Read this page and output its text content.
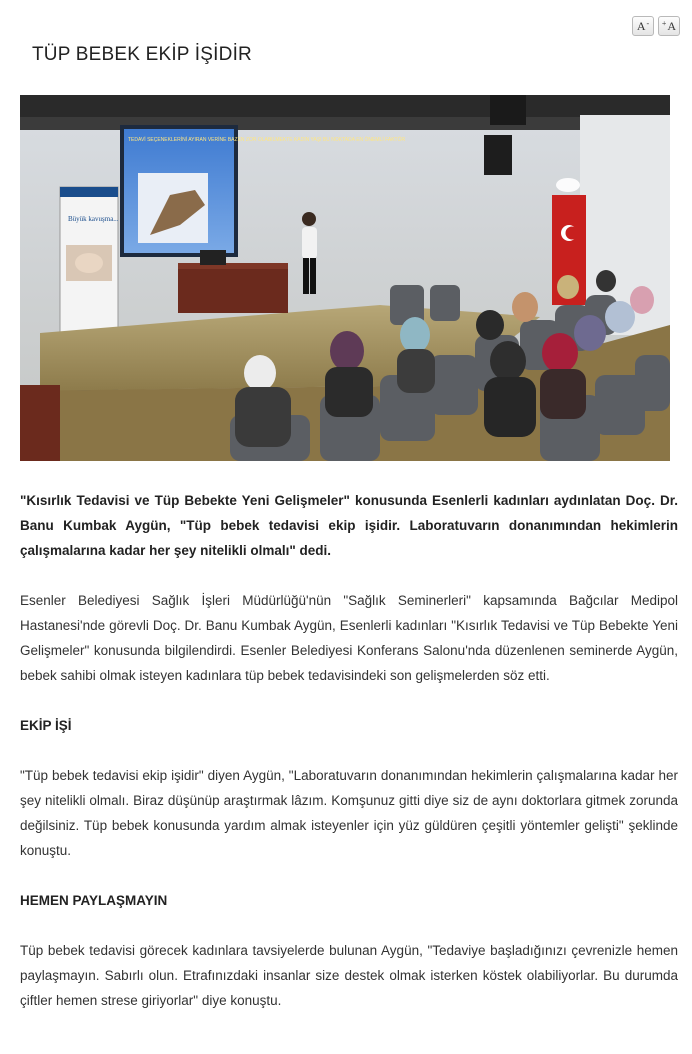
A - + A
TÜP BEBEK EKİP İŞİDİR
TEDAVİ SEÇENEKLERİNİ AYIRAN VERİNE BAZEN ZOR OLABILMEKTE KADIN YAŞI BU NOKTADA EN ÖNEMLİ FAKTÖR
Büyük kavuşma...

"Kısırlık Tedavisi ve Tüp Bebekte Yeni Gelişmeler" konusunda Esenlerli kadınları aydınlatan Doç. Dr. Banu Kumbak Aygün, "Tüp bebek tedavisi ekip işidir. Laboratuvarın donanımından hekimlerin çalışmalarına kadar her şey nitelikli olmalı" dedi.

Esenler Belediyesi Sağlık İşleri Müdürlüğü'nün "Sağlık Seminerleri" kapsamında Bağcılar Medipol Hastanesi'nde görevli Doç. Dr. Banu Kumbak Aygün, Esenlerli kadınları "Kısırlık Tedavisi ve Tüp Bebekte Yeni Gelişmeler" konusunda bilgilendirdi. Esenler Belediyesi Konferans Salonu'nda düzenlenen seminerde Aygün, bebek sahibi olmak isteyen kadınlara tüp bebek tedavisindeki son gelişmelerden söz etti.

EKİP İŞİ

"Tüp bebek tedavisi ekip işidir" diyen Aygün, "Laboratuvarın donanımından hekimlerin çalışmalarına kadar her şey nitelikli olmalı. Biraz düşünüp araştırmak lâzım. Komşunuz gitti diye siz de aynı doktorlara gitmek zorunda değilsiniz. Tüp bebek konusunda yardım almak isteyenler için yüz güldüren çeşitli yöntemler gelişti" şeklinde konuştu.

HEMEN PAYLAŞMAYIN

Tüp bebek tedavisi görecek kadınlara tavsiyelerde bulunan Aygün, "Tedaviye başladığınızı çevrenizle hemen paylaşmayın. Sabırlı olun. Etrafınızdaki insanlar size destek olmak isterken köstek olabiliyorlar. Bu durumda çiftler hemen strese giriyorlar" diye konuştu.
